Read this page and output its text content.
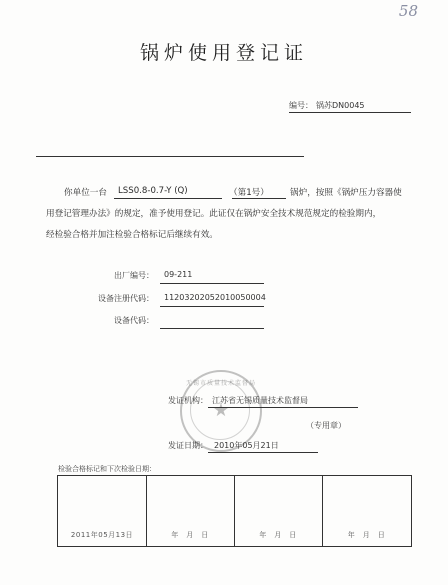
58
锅炉使用登记证
编号： 锅苏DN0045
你单位一台 LSS0.8-0.7-Y (Q)	（第1号） 锅炉，按照《锅炉压力容器使
用登记管理办法》的规定，准予使用登记。此证仅在锅炉安全技术规范规定的检验期内，
经检验合格并加注检验合格标记后继续有效。
出厂编号： 09-211
设备注册代码： 11203202052010050004
设备代码：
无锡市质量技术监督局
★
发证机构： 江苏省无锡质量技术监督局
（专用章）
发证日期： 2010年05月21日
检验合格标记和下次检验日期：
2011年05月13日	年　月　日	年　月　日	年　月　日
